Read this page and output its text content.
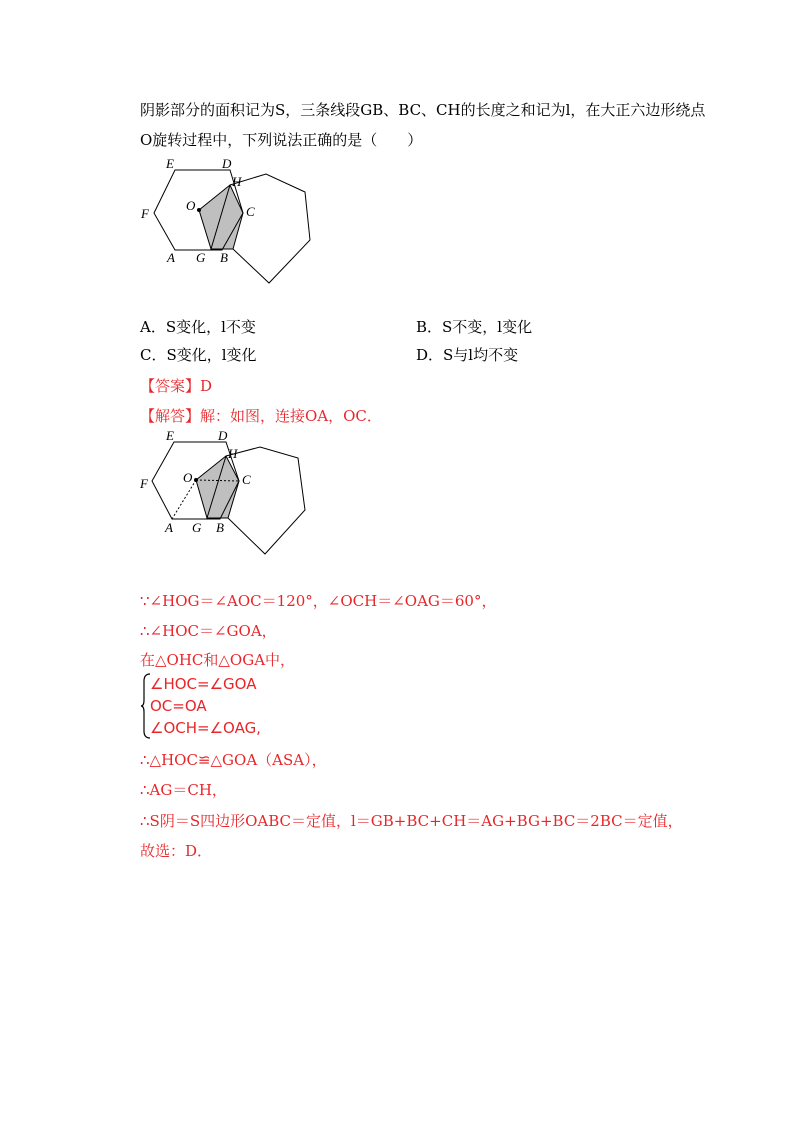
阴影部分的面积记为S，三条线段GB、BC、CH的长度之和记为l，在大正六边形绕点
O旋转过程中，下列说法正确的是（　　）
E	D
H
O	C
F
A G B
A．S变化，l不变	B．S不变，l变化
C．S变化，l变化	D．S与l均不变
【答案】D
【解答】解：如图，连接OA，OC．
E	D
H
O	C
F
A G B
∵∠HOG＝∠AOC＝120°，∠OCH＝∠OAG＝60°，
∴∠HOC＝∠GOA，
在△OHC和△OGA中，
∠HOC=∠GOA
OC=OA
∠OCH=∠OAG,
∴△HOC≌△GOA（ASA），
∴AG＝CH，
∴S阴＝S四边形OABC＝定值，l＝GB+BC+CH＝AG+BG+BC＝2BC＝定值，
故选：D．
